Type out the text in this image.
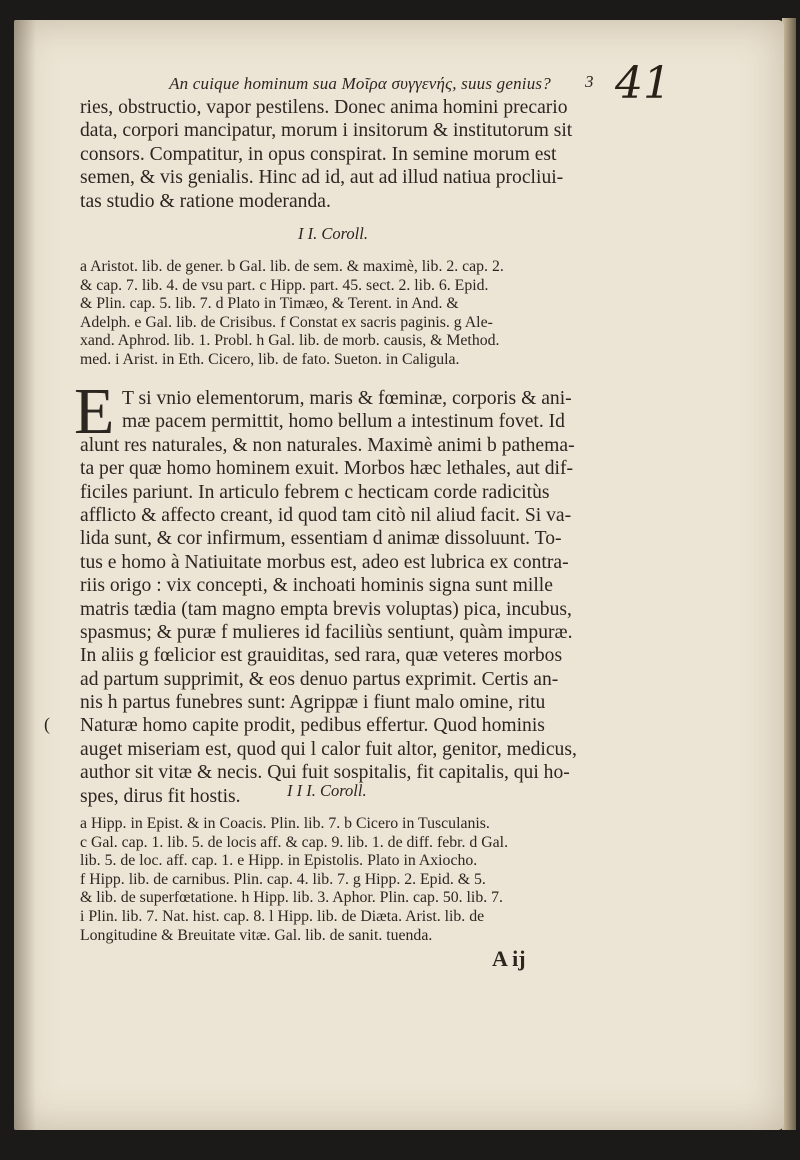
An cuique hominum sua Μοῖρα συγγενής, suus genius?	3 41
ries, obstructio, vapor pestilens. Donec anima homini precario
data, corpori mancipatur, morum i insitorum & institutorum sit
consors. Compatitur, in opus conspirat. In semine morum est
semen, & vis genialis. Hinc ad id, aut ad illud natiua procliui-
tas studio & ratione moderanda.
I I. Coroll.
a Aristot. lib. de gener. b Gal. lib. de sem. & maximè, lib. 2. cap. 2.
& cap. 7. lib. 4. de vsu part. c Hipp. part. 45. sect. 2. lib. 6. Epid.
& Plin. cap. 5. lib. 7. d Plato in Timæo, & Terent. in And. &
Adelph. e Gal. lib. de Crisibus. f Constat ex sacris paginis. g Ale-
xand. Aphrod. lib. 1. Probl. h Gal. lib. de morb. causis, & Method.
med. i Arist. in Eth. Cicero, lib. de fato. Sueton. in Caligula.
E T si vnio elementorum, maris & fœminæ, corporis & ani-
mæ pacem permittit, homo bellum a intestinum fovet. Id
alunt res naturales, & non naturales. Maximè animi b pathema-
ta per quæ homo hominem exuit. Morbos hæc lethales, aut dif-
ficiles pariunt. In articulo febrem c hecticam corde radicitùs
afflicto & affecto creant, id quod tam citò nil aliud facit. Si va-
lida sunt, & cor infirmum, essentiam d animæ dissoluunt. To-
tus e homo à Natiuitate morbus est, adeo est lubrica ex contra-
riis origo : vix concepti, & inchoati hominis signa sunt mille
matris tædia (tam magno empta brevis voluptas) pica, incubus,
spasmus; & puræ f mulieres id faciliùs sentiunt, quàm impuræ.
In aliis g fœlicior est grauiditas, sed rara, quæ veteres morbos
ad partum supprimit, & eos denuo partus exprimit. Certis an-
nis h partus funebres sunt: Agrippæ i fiunt malo omine, ritu
Naturæ homo capite prodit, pedibus effertur. Quod hominis
auget miseriam est, quod qui l calor fuit altor, genitor, medicus,
author sit vitæ & necis. Qui fuit sospitalis, fit capitalis, qui ho-
spes, dirus fit hostis.
(
I I I. Coroll.
a Hipp. in Epist. & in Coacis. Plin. lib. 7. b Cicero in Tusculanis.
c Gal. cap. 1. lib. 5. de locis aff. & cap. 9. lib. 1. de diff. febr. d Gal.
lib. 5. de loc. aff. cap. 1. e Hipp. in Epistolis. Plato in Axiocho.
f Hipp. lib. de carnibus. Plin. cap. 4. lib. 7. g Hipp. 2. Epid. & 5.
& lib. de superfœtatione. h Hipp. lib. 3. Aphor. Plin. cap. 50. lib. 7.
i Plin. lib. 7. Nat. hist. cap. 8. l Hipp. lib. de Diæta. Arist. lib. de
Longitudine & Breuitate vitæ. Gal. lib. de sanit. tuenda.
A ij
